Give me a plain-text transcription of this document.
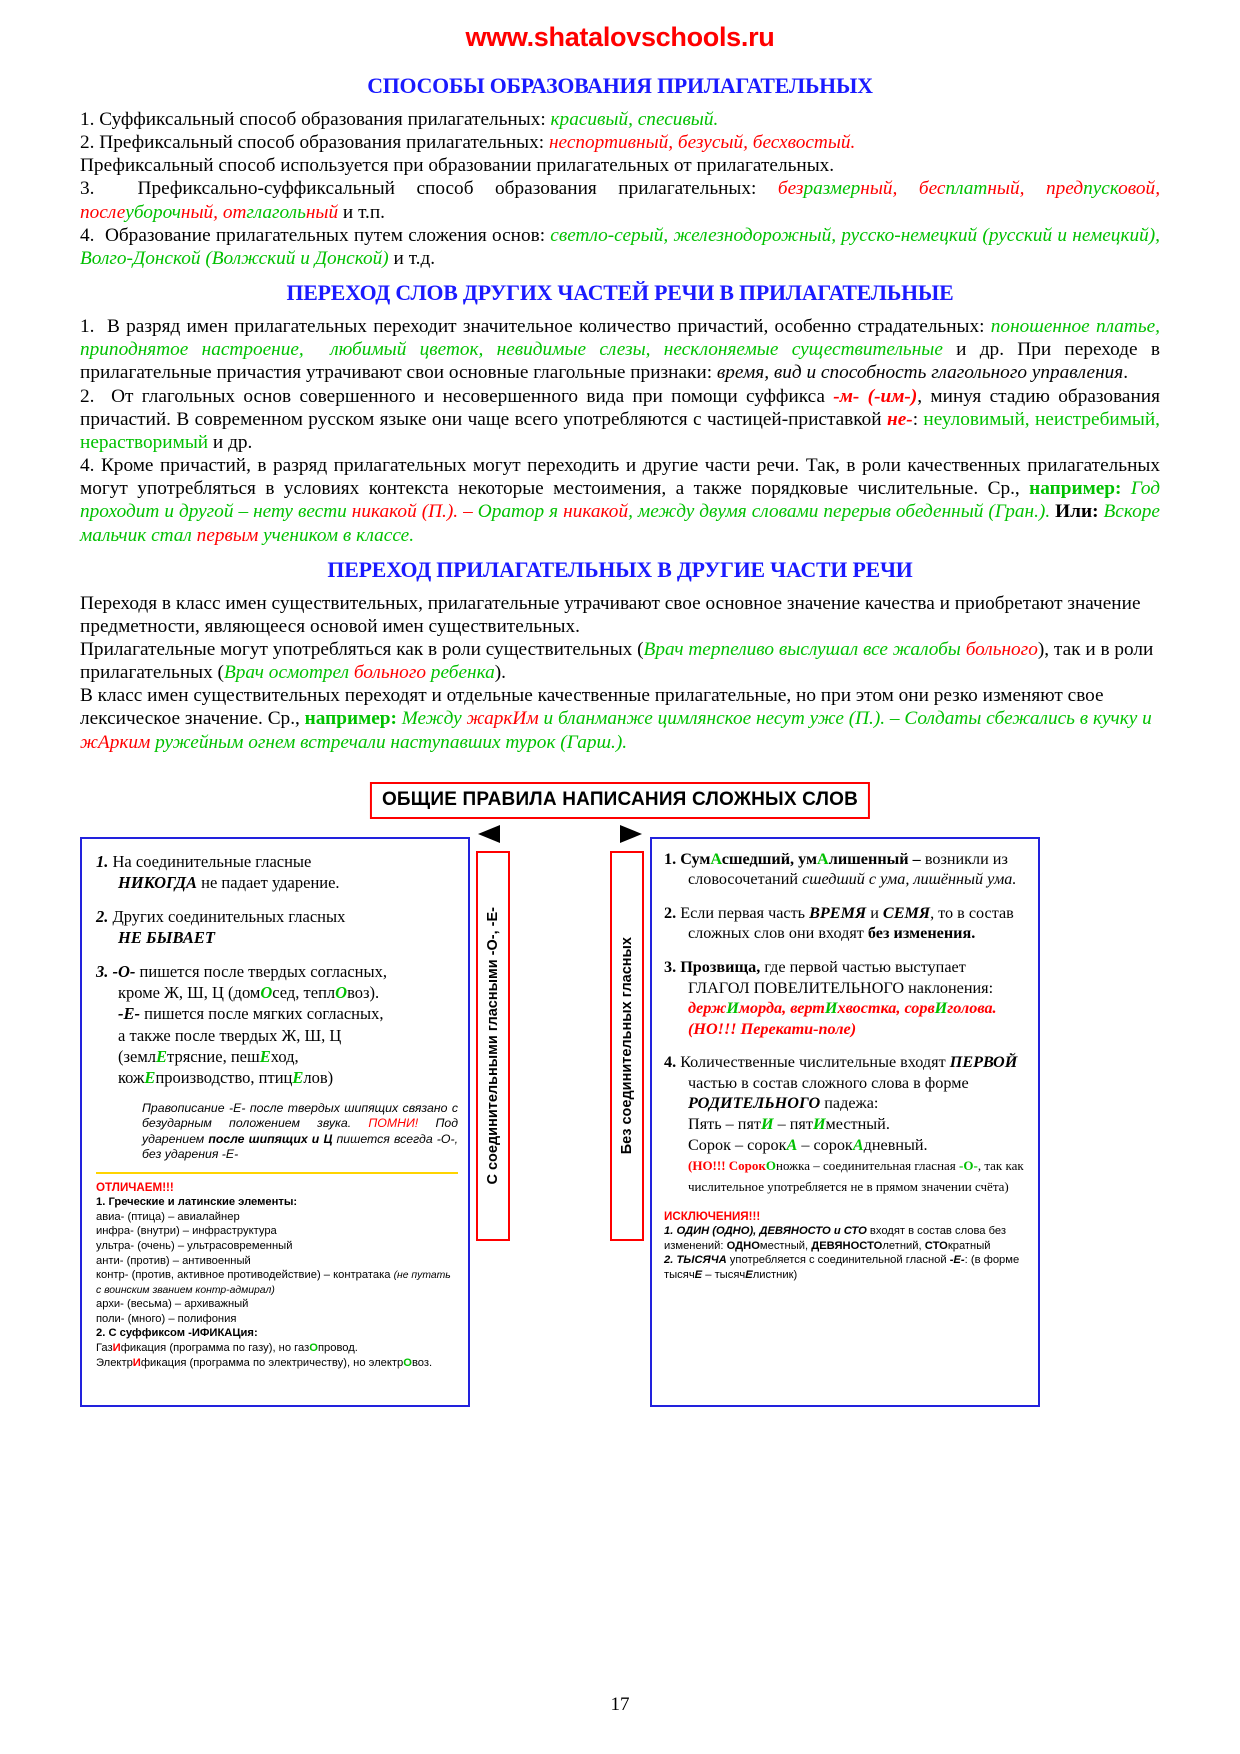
www.shatalovschools.ru
СПОСОБЫ ОБРАЗОВАНИЯ ПРИЛАГАТЕЛЬНЫХ

1. Суффиксальный способ образования прилагательных: красивый, спесивый.

2. Префиксальный способ образования прилагательных: неспортивный, безусый, бесхвостый.
Префиксальный способ используется при образовании прилагательных от прилагательных.

3.  Префиксально-суффиксальный способ образования прилагательных: безразмерный, бесплатный, предпусковой, послеуборочный, отглагольный и т.п.

4.  Образование прилагательных путем сложения основ: светло-серый, железнодорожный, русско-немецкий (русский и немецкий), Волго-Донской (Волжский и Донской) и т.д.

ПЕРЕХОД СЛОВ ДРУГИХ ЧАСТЕЙ РЕЧИ В ПРИЛАГАТЕЛЬНЫЕ

1.  В разряд имен прилагательных переходит значительное количество причастий, особенно страдательных: поношенное платье, приподнятое настроение,  любимый цветок, невидимые слезы, несклоняемые существительные и др. При переходе в прилагательные причастия утрачивают свои основные глагольные признаки: время, вид и способность глагольного управления.

2.  От глагольных основ совершенного и несовершенного вида при помощи суффикса -м- (-им-), минуя стадию образования причастий. В современном русском языке они чаще всего употребляются с частицей-приставкой не-: неуловимый, неистребимый, нерастворимый и др.

4. Кроме причастий, в разряд прилагательных могут переходить и другие части речи. Так, в роли качественных прилагательных могут употребляться в условиях контекста некоторые местоимения, а также порядковые числительные. Ср., например: Год проходит и другой – нету вести никакой (П.). – Оратор я никакой, между двумя словами перерыв обеденный (Гран.). Или: Вскоре мальчик стал первым учеником в классе.

ПЕРЕХОД ПРИЛАГАТЕЛЬНЫХ В ДРУГИЕ ЧАСТИ РЕЧИ

Переходя в класс имен существительных, прилагательные утрачивают свое основное значение качества и приобретают значение предметности, являющееся основой имен существительных.

Прилагательные могут употребляться как в роли существительных (Врач терпеливо выслушал все жалобы больного), так и в роли прилагательных (Врач осмотрел больного ребенка).

В класс имен существительных переходят и отдельные качественные прилагательные, но при этом они резко изменяют свое лексическое значение. Ср., например: Между жаркИм и бланманже цимлянское несут уже (П.). – Солдаты сбежались в кучку и жАрким ружейным огнем встречали наступавших турок (Гарш.).

ОБЩИЕ ПРАВИЛА НАПИСАНИЯ СЛОЖНЫХ СЛОВ
1. На соединительные гласные
НИКОГДА не падает ударение.
2. Других соединительных гласных
НЕ БЫВАЕТ
3. -О- пишется после твердых согласных,
кроме Ж, Ш, Ц (домОсед, теплОвоз).
-Е- пишется после мягких согласных,
а также после твердых Ж, Ш, Ц
(землЕтрясние, пешЕход,
кожЕпроизводство, птицЕлов)
Правописание -Е- после твердых шипящих связано с безударным положением звука. ПОМНИ! Под ударением после шипящих и Ц пишется всегда -О-, без ударения -Е-
ОТЛИЧАЕМ!!!
1. Греческие и латинские элементы:
авиа- (птица) – авиалайнер
инфра- (внутри) – инфраструктура
ультра- (очень) – ультрасовременный
анти- (против) – антивоенный
контр- (против, активное противодействие) – контратака (не путать с воинским званием контр-адмирал)
архи- (весьма) – архиважный
поли- (много) – полифония
2. С суффиксом -ИФИКАЦия:
ГазИфикация (программа по газу), но газОпровод.
ЭлектрИфикация (программа по электричеству), но электрОвоз.
С соединительными гласными -О-, -Е-	Без соединительных гласных
1. СумАсшедший, умАлишенный – возникли из словосочетаний сшедший с ума, лишённый ума.
2. Если первая часть ВРЕМЯ и СЕМЯ, то в состав сложных слов они входят без изменения.
3. Прозвища, где первой частью выступает ГЛАГОЛ ПОВЕЛИТЕЛЬНОГО наклонения: держИморда, вертИхвостка, сорвИголова. (НО!!! Перекати-поле)
4. Количественные числительные входят ПЕРВОЙ частью в состав сложного слова в форме РОДИТЕЛЬНОГО падежа:
Пять – пятИ – пятИместный.
Сорок – сорокА – сорокАдневный.
(НО!!! СорокОножка – соединительная гласная -О-, так как числительное употребляется не в прямом значении счёта)
ИСКЛЮЧЕНИЯ!!!
1. ОДИН (ОДНО), ДЕВЯНОСТО и СТО входят в состав слова без изменений: ОДНОместный, ДЕВЯНОСТОлетний, СТОкратный
2. ТЫСЯЧА употребляется с соединительной гласной -Е-: (в форме тысячЕ – тысячЕлистник)
17
